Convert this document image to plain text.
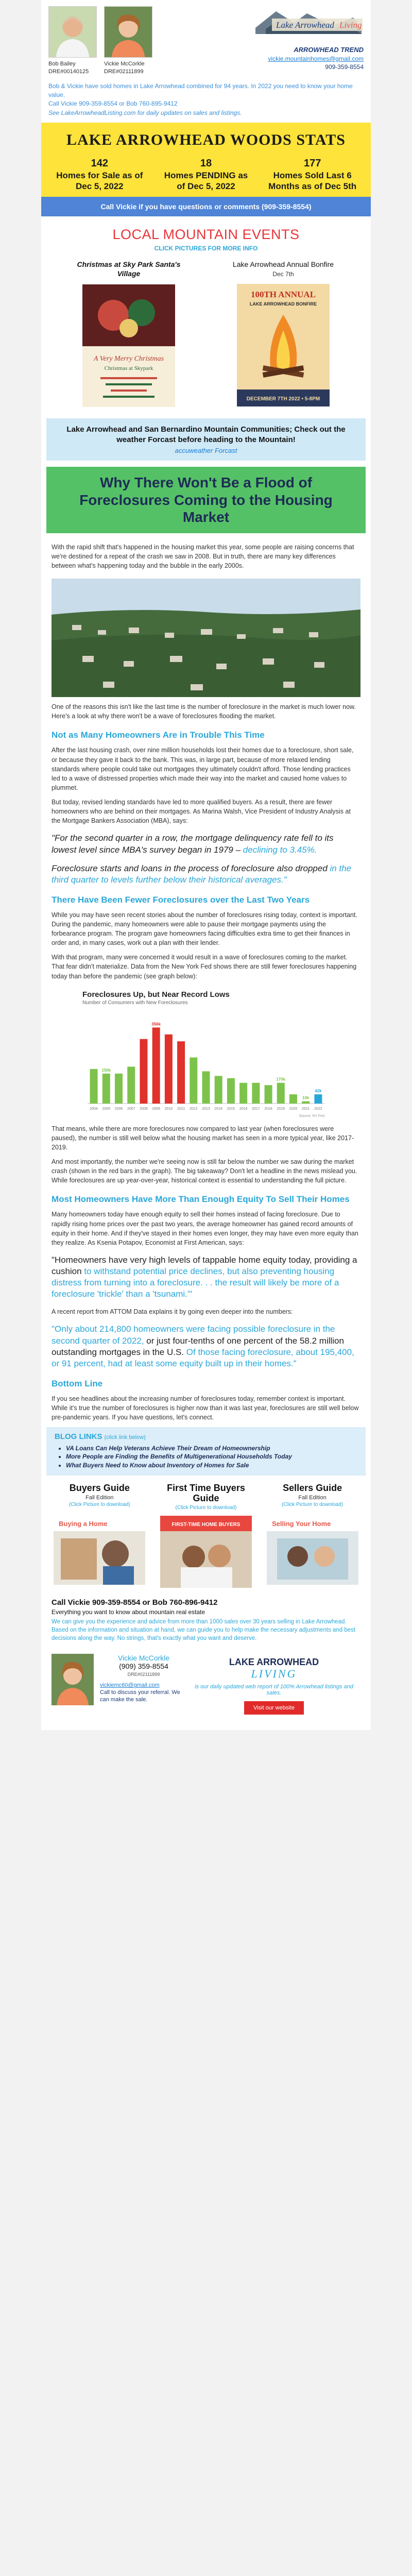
Bob Bailey
DRE#00140125
Vickie McCorkle
DRE#02111899
Lake Arrowhead Living
ARROWHEAD TREND
vickie.mountainhomes@gmail.com
909-359-8554
Bob & Vickie have sold homes in Lake Arrowhead combined for 94 years. In 2022 you need to know your home value.
Call Vickie 909-359-8554 or Bob 760-895-9412
See LakeArrowheadListing.com for daily updates on sales and listings.
LAKE ARROWHEAD WOODS STATS
142
Homes for Sale as of Dec 5, 2022
18
Homes PENDING as of Dec 5, 2022
177
Homes Sold Last 6 Months as of Dec 5th
Call Vickie if you have questions or comments (909-359-8554)
LOCAL MOUNTAIN EVENTS
CLICK PICTURES FOR MORE INFO
Christmas at Sky Park Santa's Village
A Very Merry Christmas
Christmas at Skypark
Lake Arrowhead Annual Bonfire
Dec 7th
100TH ANNUAL
LAKE ARROWHEAD BONFIRE
DECEMBER 7TH 2022 • 5-8PM
Lake Arrowhead and San Bernardino Mountain Communities; Check out the weather Forcast before heading to the Mountain!
accuweather Forcast
Why There Won't Be a Flood of Foreclosures Coming to the Housing Market

With the rapid shift that's happened in the housing market this year, some people are raising concerns that we're destined for a repeat of the crash we saw in 2008. But in truth, there are many key differences between what's happening today and the bubble in the early 2000s.

One of the reasons this isn't like the last time is the number of foreclosure in the market is much lower now. Here's a look at why there won't be a wave of foreclosures flooding the market.

Not as Many Homeowners Are in Trouble This Time

After the last housing crash, over nine million households lost their homes due to a foreclosure, short sale, or because they gave it back to the bank. This was, in large part, because of more relaxed lending standards where people could take out mortgages they ultimately couldn't afford. Those lending practices led to a wave of distressed properties which made their way into the market and caused home values to plummet.

But today, revised lending standards have led to more qualified buyers. As a result, there are fewer homeowners who are behind on their mortgages. As Marina Walsh, Vice President of Industry Analysis at the Mortgage Bankers Association (MBA), says:

"For the second quarter in a row, the mortgage delinquency rate fell to its lowest level since MBA's survey began in 1979 – declining to 3.45%.
Foreclosure starts and loans in the process of foreclosure also dropped in the third quarter to levels further below their historical averages."
There Have Been Fewer Foreclosures over the Last Two Years

While you may have seen recent stories about the number of foreclosures rising today, context is important. During the pandemic, many homeowners were able to pause their mortgage payments using the forbearance program. The program gave homeowners facing difficulties extra time to get their finances in order and, in many cases, work out a plan with their lender.

With that program, many were concerned it would result in a wave of foreclosures coming to the market. That fear didn't materialize. Data from the New York Fed shows there are still fewer foreclosures happening today than before the pandemic (see graph below):

Foreclosures Up, but Near Record Lows
Number of Consumers with New Foreclosures
2004 2005
150k
2006 2007 2008 2009
356k
2010 2011 2012 2013 2014 2015 2016 2017 2018 2019
170k
2020 2021
10k
2022
42k
Source: NY Fed

That means, while there are more foreclosures now compared to last year (when foreclosures were paused), the number is still well below what the housing market has seen in a more typical year, like 2017-2019.

And most importantly, the number we're seeing now is still far below the number we saw during the market crash (shown in the red bars in the graph). The big takeaway? Don't let a headline in the news mislead you. While foreclosures are up year-over-year, historical context is essential to understanding the full picture.

Most Homeowners Have More Than Enough Equity To Sell Their Homes

Many homeowners today have enough equity to sell their homes instead of facing foreclosure. Due to rapidly rising home prices over the past two years, the average homeowner has gained record amounts of equity in their home. And if they've stayed in their homes even longer, they may have even more equity than they realize. As Ksenia Potapov, Economist at First American, says:

"Homeowners have very high levels of tappable home equity today, providing a cushion to withstand potential price declines, but also preventing housing distress from turning into a foreclosure. . . the result will likely be more of a foreclosure 'trickle' than a 'tsunami.'"

A recent report from ATTOM Data explains it by going even deeper into the numbers:

"Only about 214,800 homeowners were facing possible foreclosure in the second quarter of 2022, or just four-tenths of one percent of the 58.2 million outstanding mortgages in the U.S. Of those facing foreclosure, about 195,400, or 91 percent, had at least some equity built up in their homes."
Bottom Line

If you see headlines about the increasing number of foreclosures today, remember context is important. While it's true the number of foreclosures is higher now than it was last year, foreclosures are still well below pre-pandemic years. If you have questions, let's connect.

BLOG LINKS (click link below)
• VA Loans Can Help Veterans Achieve Their Dream of Homeownership
• More People are Finding the Benefits of Multigenerational Households Today
• What Buyers Need to Know about Inventory of Homes for Sale
Buyers Guide
Fall Edition
(Click Picture to download)
Buying a Home
First Time Buyers Guide
(Click Picture to download)
FIRST-TIME HOME BUYERS
Sellers Guide
Fall Edition
(Click Picture to download)
Selling Your Home
Call Vickie 909-359-8554 or Bob 760-896-9412
Everything you want to know about mountain real estate
We can give you the experience and advice from more than 1000 sales over 30 years selling in Lake Arrowhead. Based on the information and situation at hand, we can guide you to help make the necessary adjustments and best decisions along the way. No strings, that's exactly what you want and deserve.
Vickie McCorkle
(909) 359-8554
DRE#02111899
vickiemc60@gmail.com
Call to discuss your referral. We
can make the sale.
LAKE ARROWHEAD
LIVING
is our daily updated web report of 100% Arrowhead listings and sales.
Visit our website
